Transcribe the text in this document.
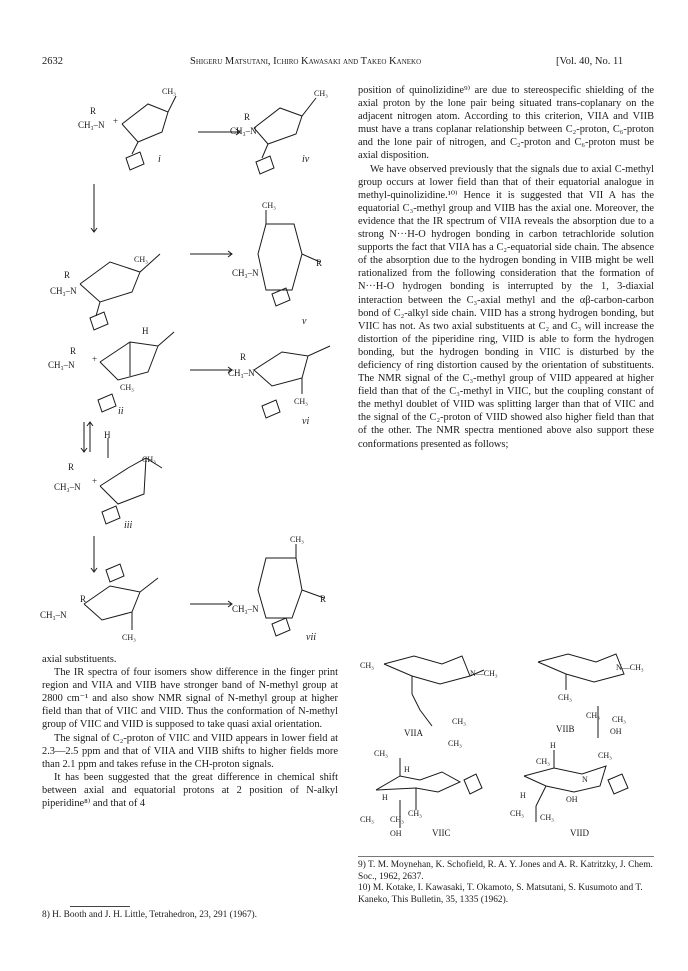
2632	Shigeru Matsutani, Ichiro Kawasaki and Takeo Kaneko	[Vol. 40, No. 11
R
CH₃–N +
CH₃
i
R
CH₃–N
CH₃
iv
R
CH₃–N
CH₃
CH₃
R
CH₃–N
v
H
CH₃–N
R
+
CH₃
ii
R
CH₃–N
CH₃
vi
H
CH₃
R
CH₃–N
+
iii
R
CH₃–N
CH₃
CH₃
R
CH₃–N
vii

axial substituents.

The IR spectra of four isomers show difference in the finger print region and VIIA and VIIB have stronger band of N-methyl group at 2800 cm⁻¹ and also show NMR signal of N-methyl group at higher field than that of VIIC and VIID. Thus the conformation of N-methyl group of VIIC and VIID is supposed to take quasi axial orientation.

The signal of C₂-proton of VIIC and VIID appears in lower field at 2.3—2.5 ppm and that of VIIA and VIIB shifts to higher fields more than 2.1 ppm and takes refuse in the CH-proton signals.

It has been suggested that the great difference in chemical shift between axial and equatorial protons at 2 position of N-alkyl piperidine⁸⁾ and that of 4

8) H. Booth and J. H. Little, Tetrahedron, 23, 291 (1967).

position of quinolizidine⁹⁾ are due to stereospecific shielding of the axial proton by the lone pair being situated trans-coplanary on the adjacent nitrogen atom. According to this criterion, VIIA and VIIB must have a trans coplanar relationship between C₂-proton, C₆-proton and the lone pair of nitrogen, and C₂-proton and C₆-proton must be axial disposition.

We have observed previously that the signals due to axial C-methyl group occurs at lower field than that of their equatorial analogue in methyl-quinolizidine.¹⁰⁾ Hence it is suggested that VII A has the equatorial C₃-methyl group and VIIB has the axial one. Moreover, the evidence that the IR spectrum of VIIA reveals the absorption due to a strong N···H-O hydrogen bonding in carbon tetrachloride solution supports the fact that VIIA has a C₂-equatorial side chain. The absence of the absorption due to the hydrogen bonding in VIIB might be well rationalized from the following consideration that the formation of N···H-O hydrogen bonding is interrupted by the 1, 3-diaxial interaction between the C₃-axial methyl and the αβ-carbon-carbon bond of C₂-alkyl side chain. VIID has a strong hydrogen bonding, but VIIC has not. As two axial substituents at C₂ and C₃ will increase the distortion of the piperidine ring, VIID is able to form the hydrogen bonding, but the hydrogen bonding in VIIC is disturbed by the deficiency of ring distortion caused by the orientation of substituents. The NMR signal of the C₃-methyl group of VIID appeared at higher field than that of the C₃-methyl in VIIC, but the coupling constant of the methyl doublet of VIID was splitting larger than that of VIIC and the signal of the C₂-proton of VIID showed also higher field than that of the other. The NMR spectra mentioned above also support these conformations presented as follows;

CH₃
N—CH₃
CH₃
CH₃
VIIA
N—CH₃
CH₃
CH₃ CH₃
OH
VIIB
CH₃
H
H
CH₃
CH₃ CH₃
OH	VIIC
H
CH₃
CH₃
N
H	OH
CH₃ CH₃
VIID

9) T. M. Moynehan, K. Schofield, R. A. Y. Jones and A. R. Katritzky, J. Chem. Soc., 1962, 2637.

10) M. Kotake, I. Kawasaki, T. Okamoto, S. Matsutani, S. Kusumoto and T. Kaneko, This Bulletin, 35, 1335 (1962).
